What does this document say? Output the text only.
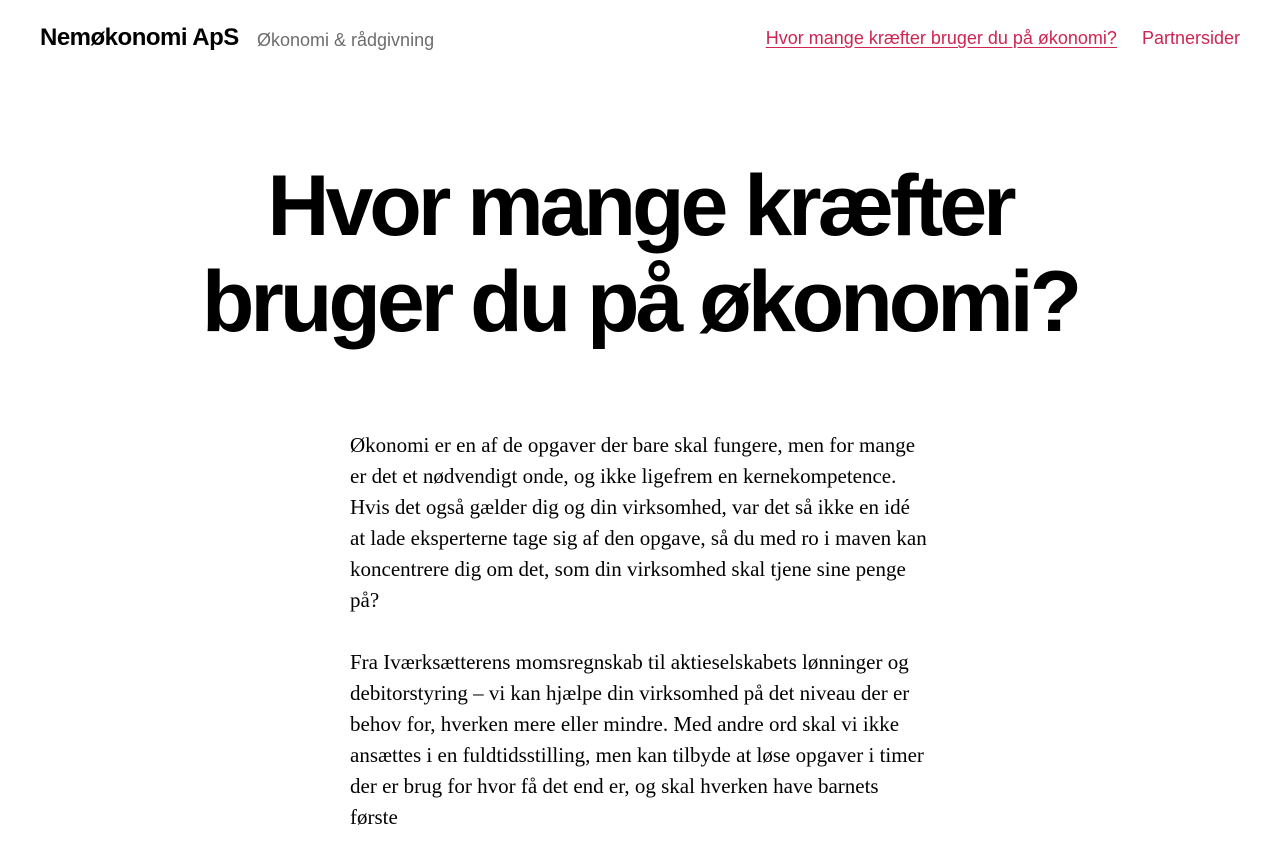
Nemøkonomi ApS Økonomi & rådgivning	Hvor mange kræfter bruger du på økonomi? Partnersider
Hvor mange kræfter bruger du på økonomi?

Økonomi er en af de opgaver der bare skal fungere, men for mange er det et nødvendigt onde, og ikke ligefrem en kernekompetence. Hvis det også gælder dig og din virksomhed, var det så ikke en idé at lade eksperterne tage sig af den opgave, så du med ro i maven kan koncentrere dig om det, som din virksomhed skal tjene sine penge på?

Fra Iværksætterens momsregnskab til aktieselskabets lønninger og debitorstyring – vi kan hjælpe din virksomhed på det niveau der er behov for, hverken mere eller mindre. Med andre ord skal vi ikke ansættes i en fuldtidsstilling, men kan tilbyde at løse opgaver i timer der er brug for hvor få det end er, og skal hverken have barnets første
